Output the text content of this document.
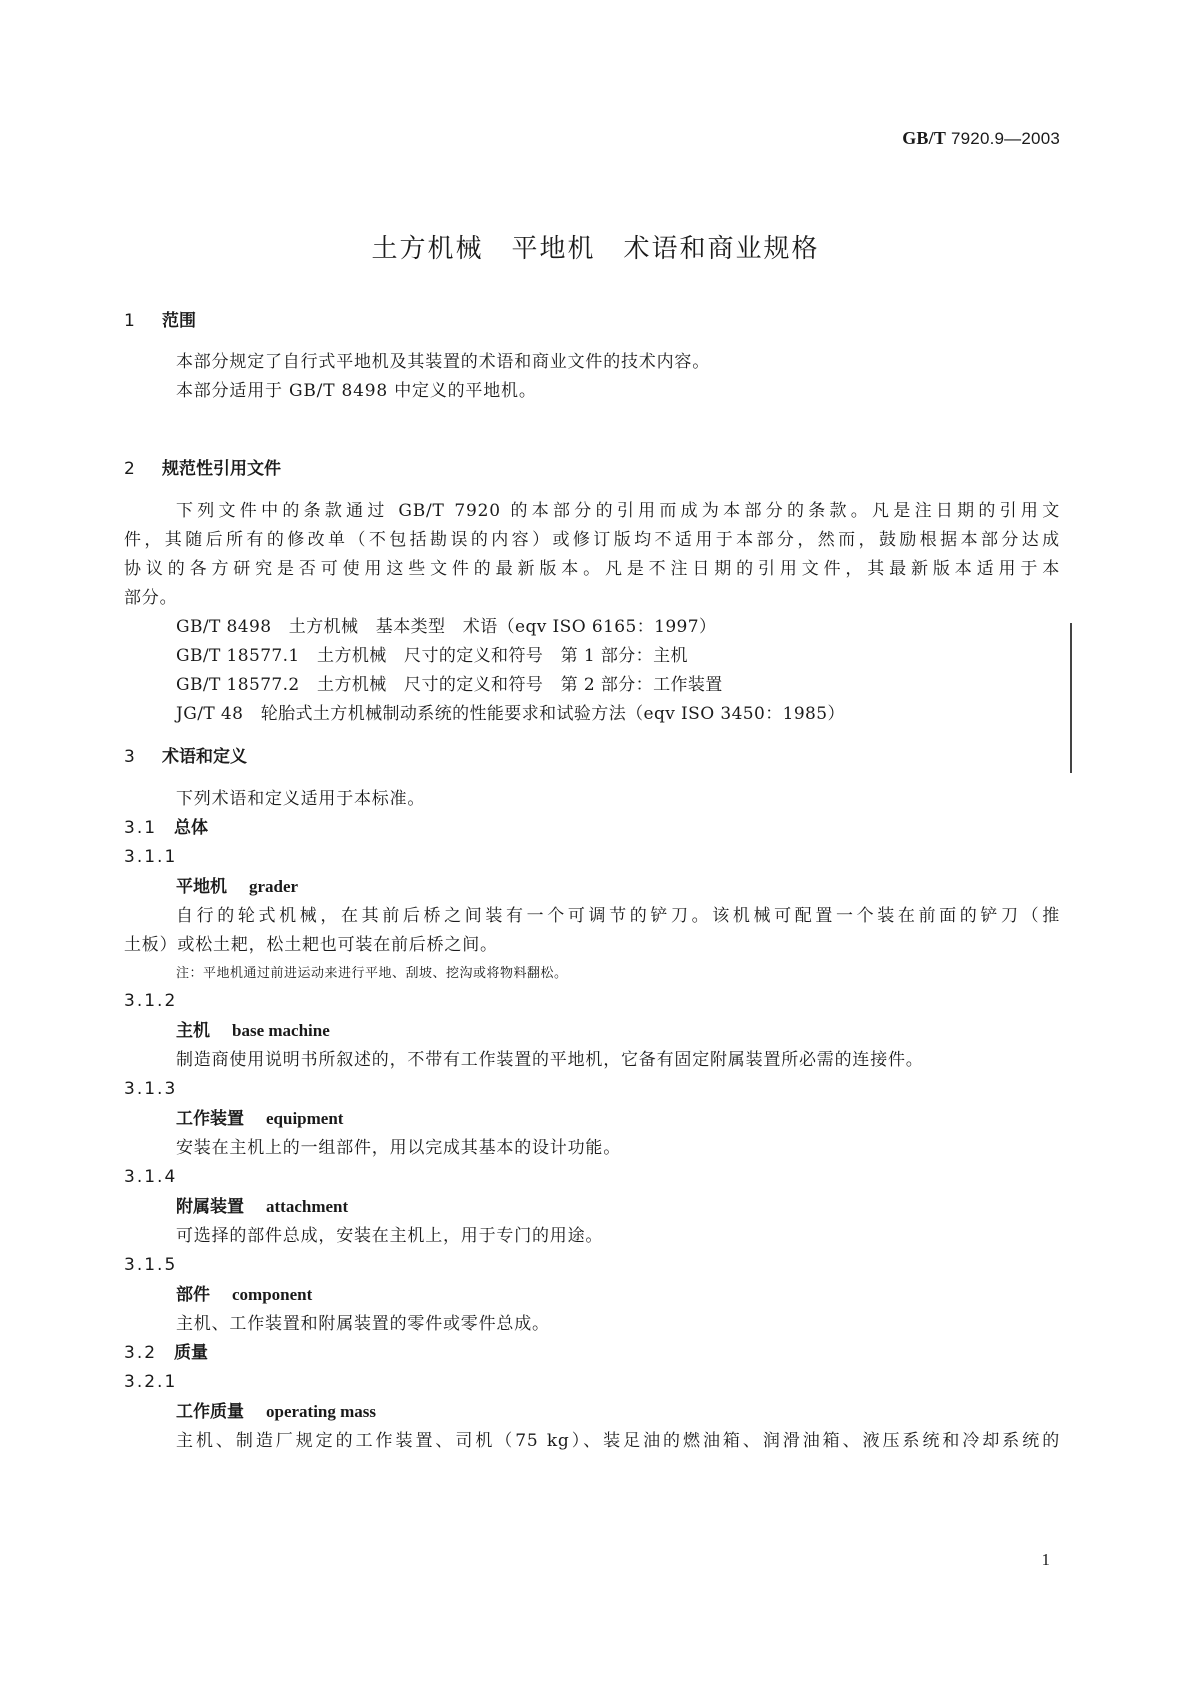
GB/T 7920.9—2003
土方机械　平地机　术语和商业规格
1 范围
本部分规定了自行式平地机及其装置的术语和商业文件的技术内容。
本部分适用于 GB/T 8498 中定义的平地机。
2 规范性引用文件
下列文件中的条款通过 GB/T 7920 的本部分的引用而成为本部分的条款。凡是注日期的引用文
件，其随后所有的修改单（不包括勘误的内容）或修订版均不适用于本部分，然而，鼓励根据本部分达成
协议的各方研究是否可使用这些文件的最新版本。凡是不注日期的引用文件，其最新版本适用于本
部分。
GB/T 8498　土方机械　基本类型　术语（eqv ISO 6165：1997）
GB/T 18577.1　土方机械　尺寸的定义和符号　第 1 部分：主机
GB/T 18577.2　土方机械　尺寸的定义和符号　第 2 部分：工作装置
JG/T 48　轮胎式土方机械制动系统的性能要求和试验方法（eqv ISO 3450：1985）
3 术语和定义
下列术语和定义适用于本标准。
3.1 总体
3.1.1
平地机 grader
自行的轮式机械，在其前后桥之间装有一个可调节的铲刀。该机械可配置一个装在前面的铲刀（推
土板）或松土耙，松土耙也可装在前后桥之间。
注：平地机通过前进运动来进行平地、刮坡、挖沟或将物料翻松。
3.1.2
主机 base machine
制造商使用说明书所叙述的，不带有工作装置的平地机，它备有固定附属装置所必需的连接件。
3.1.3
工作装置 equipment
安装在主机上的一组部件，用以完成其基本的设计功能。
3.1.4
附属装置 attachment
可选择的部件总成，安装在主机上，用于专门的用途。
3.1.5
部件 component
主机、工作装置和附属装置的零件或零件总成。
3.2 质量
3.2.1
工作质量 operating mass
主机、制造厂规定的工作装置、司机（75 kg）、装足油的燃油箱、润滑油箱、液压系统和冷却系统的
1
